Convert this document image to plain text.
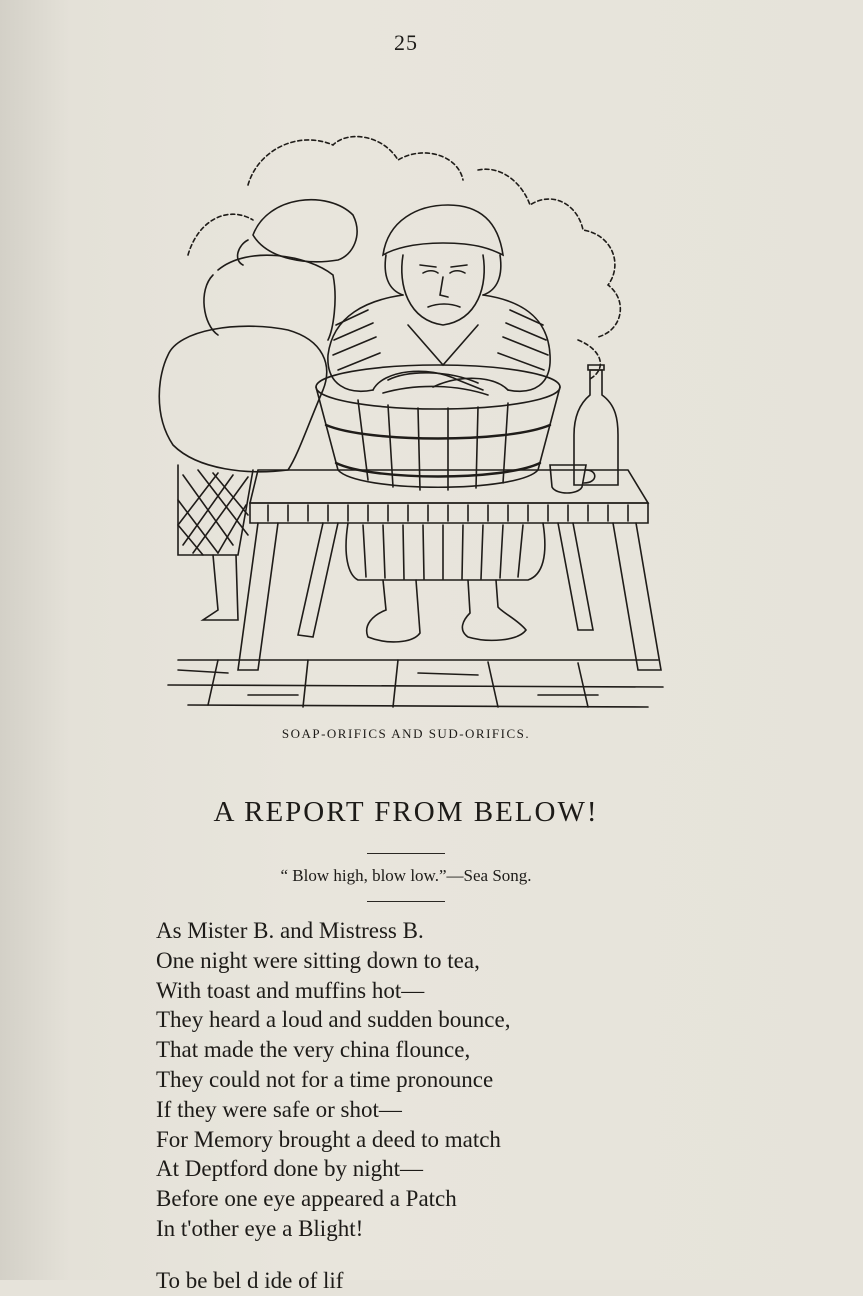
25
SOAP-ORIFICS AND SUD-ORIFICS.
A REPORT FROM BELOW!
“ Blow high, blow low.”—Sea Song.
As Mister B. and Mistress B.
One night were sitting down to tea,
With toast and muffins hot—
They heard a loud and sudden bounce,
That made the very china flounce,
They could not for a time pronounce
If they were safe or shot—
For Memory brought a deed to match
At Deptford done by night—
Before one eye appeared a Patch
In t'other eye a Blight!
To be bel d ide of lif
